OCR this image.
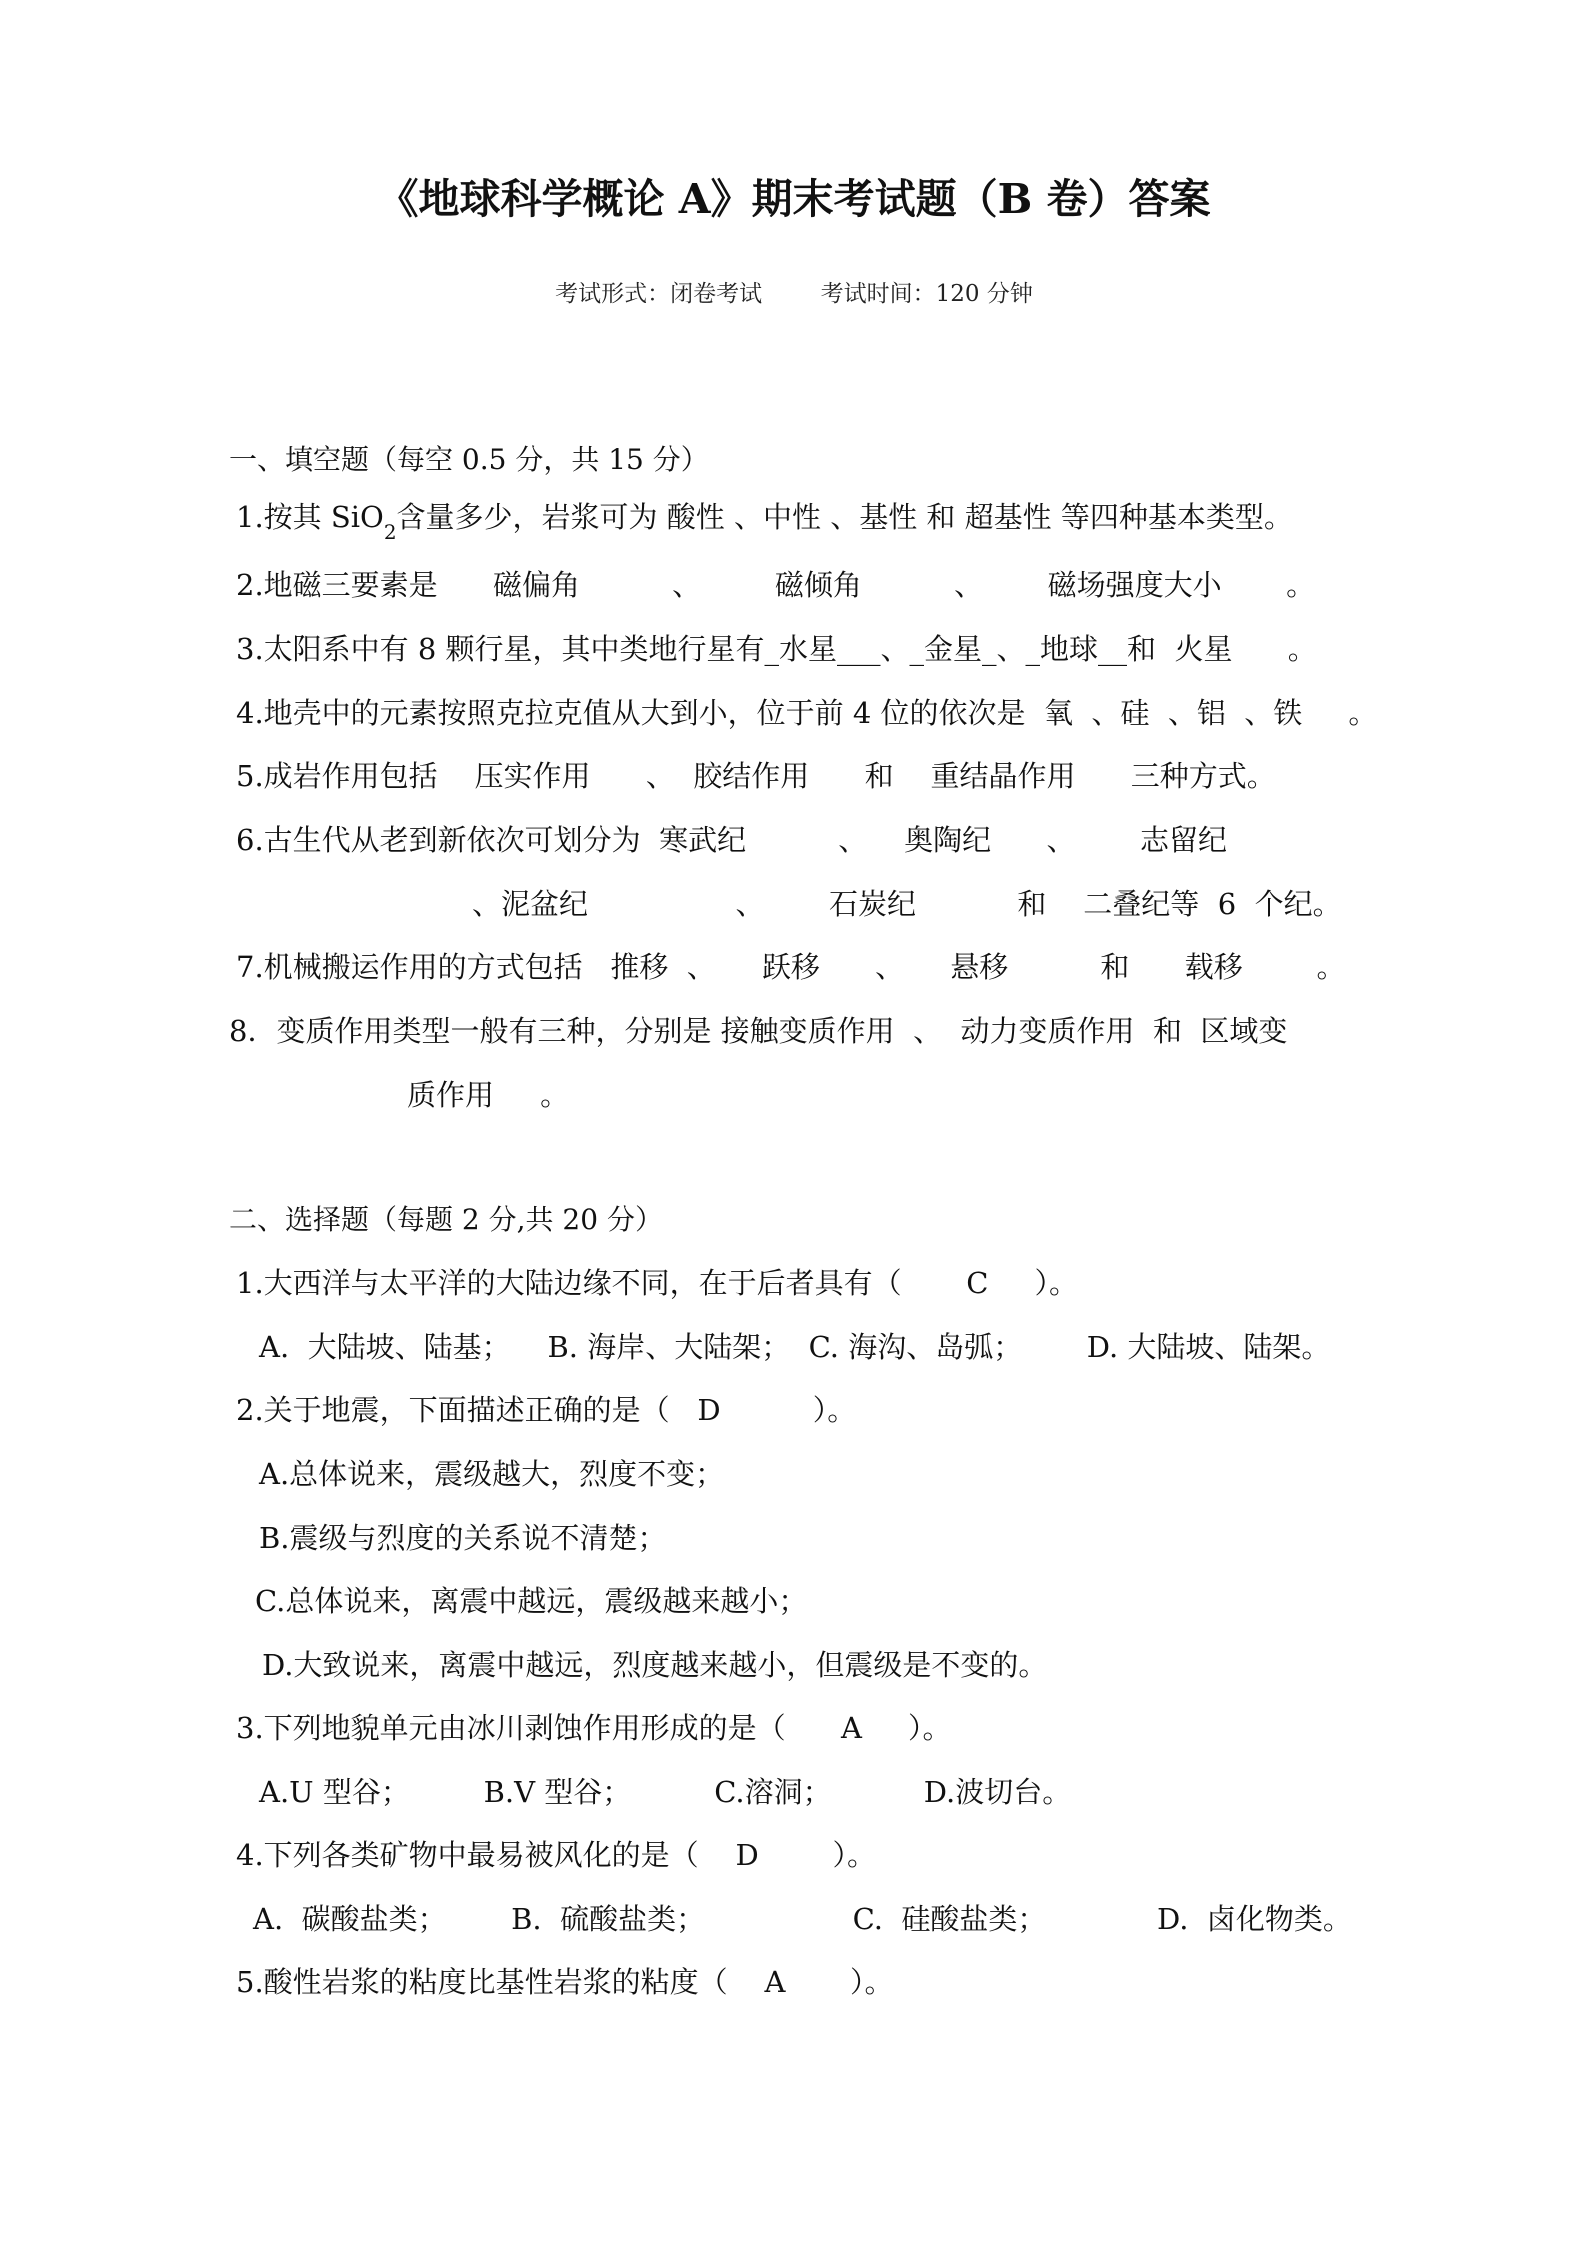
《地球科学概论 A》期末考试题（B 卷）答案
考试形式：闭卷考试        考试时间：120 分钟
一、填空题（每空 0.5 分，共 15 分）
1.按其 SiO$_2$含量多少，岩浆可为 酸性 、中性 、基性 和 超基性 等四种基本类型。
2.地磁三要素是      磁偏角          、        磁倾角          、       磁场强度大小       。
3.太阳系中有 8 颗行星，其中类地行星有_水星___、_金星_、_地球__和  火星      。
4.地壳中的元素按照克拉克值从大到小，位于前 4 位的依次是  氧  、硅  、铝  、铁     。
5.成岩作用包括    压实作用      、  胶结作用      和    重结晶作用      三种方式。
6.古生代从老到新依次可划分为  寒武纪          、    奥陶纪      、       志留纪
、泥盆纪                、       石炭纪           和    二叠纪等  6  个纪。
7.机械搬运作用的方式包括   推移  、     跃移      、     悬移          和      载移        。
8．变质作用类型一般有三种，分别是 接触变质作用  、  动力变质作用  和  区域变
质作用     。
二、选择题（每题 2 分,共 20 分）
1.大西洋与太平洋的大陆边缘不同，在于后者具有（       C     ）。
A.  大陆坡、陆基；    B. 海岸、大陆架；  C. 海沟、岛弧；       D. 大陆坡、陆架。
2.关于地震，下面描述正确的是（   D          ）。
A.总体说来，震级越大，烈度不变；
B.震级与烈度的关系说不清楚；
C.总体说来，离震中越远，震级越来越小；
D.大致说来，离震中越远，烈度越来越小，但震级是不变的。
3.下列地貌单元由冰川剥蚀作用形成的是（      A     ）。
A.U 型谷；        B.V 型谷；         C.溶洞；          D.波切台。
4.下列各类矿物中最易被风化的是（    D        ）。
A.  碳酸盐类；       B.  硫酸盐类；                C.  硅酸盐类；            D.  卤化物类。
5.酸性岩浆的粘度比基性岩浆的粘度（    A       ）。
